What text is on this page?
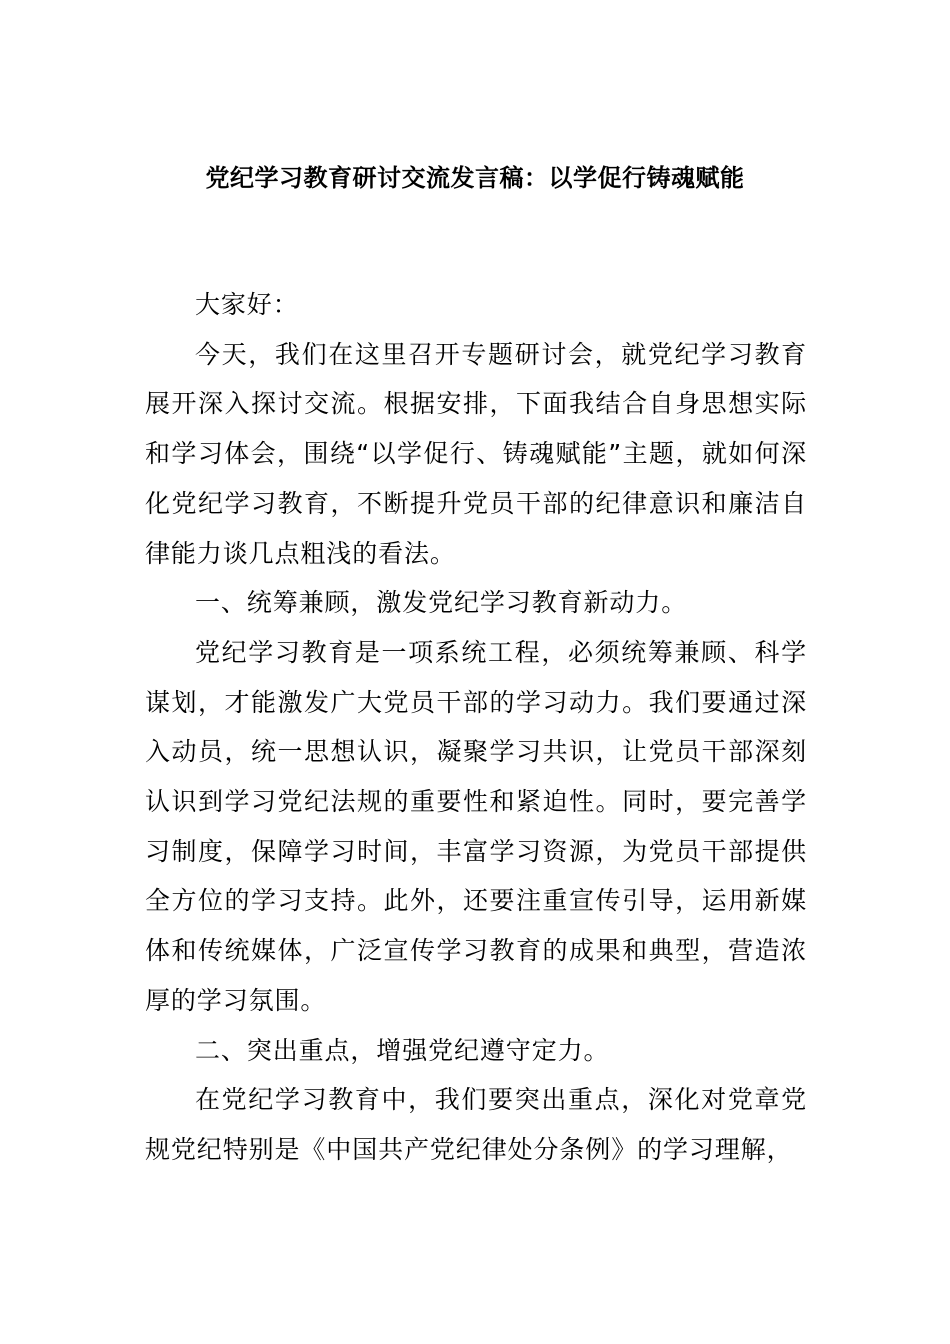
党纪学习教育研讨交流发言稿：以学促行铸魂赋能

大家好：

今天，我们在这里召开专题研讨会，就党纪学习教育展开深入探讨交流。根据安排，下面我结合自身思想实际和学习体会，围绕“以学促行、铸魂赋能”主题，就如何深化党纪学习教育，不断提升党员干部的纪律意识和廉洁自律能力谈几点粗浅的看法。

一、统筹兼顾，激发党纪学习教育新动力。

党纪学习教育是一项系统工程，必须统筹兼顾、科学谋划，才能激发广大党员干部的学习动力。我们要通过深入动员，统一思想认识，凝聚学习共识，让党员干部深刻认识到学习党纪法规的重要性和紧迫性。同时，要完善学习制度，保障学习时间，丰富学习资源，为党员干部提供全方位的学习支持。此外，还要注重宣传引导，运用新媒体和传统媒体，广泛宣传学习教育的成果和典型，营造浓厚的学习氛围。

二、突出重点，增强党纪遵守定力。

在党纪学习教育中，我们要突出重点，深化对党章党规党纪特别是《中国共产党纪律处分条例》的学习理解，
